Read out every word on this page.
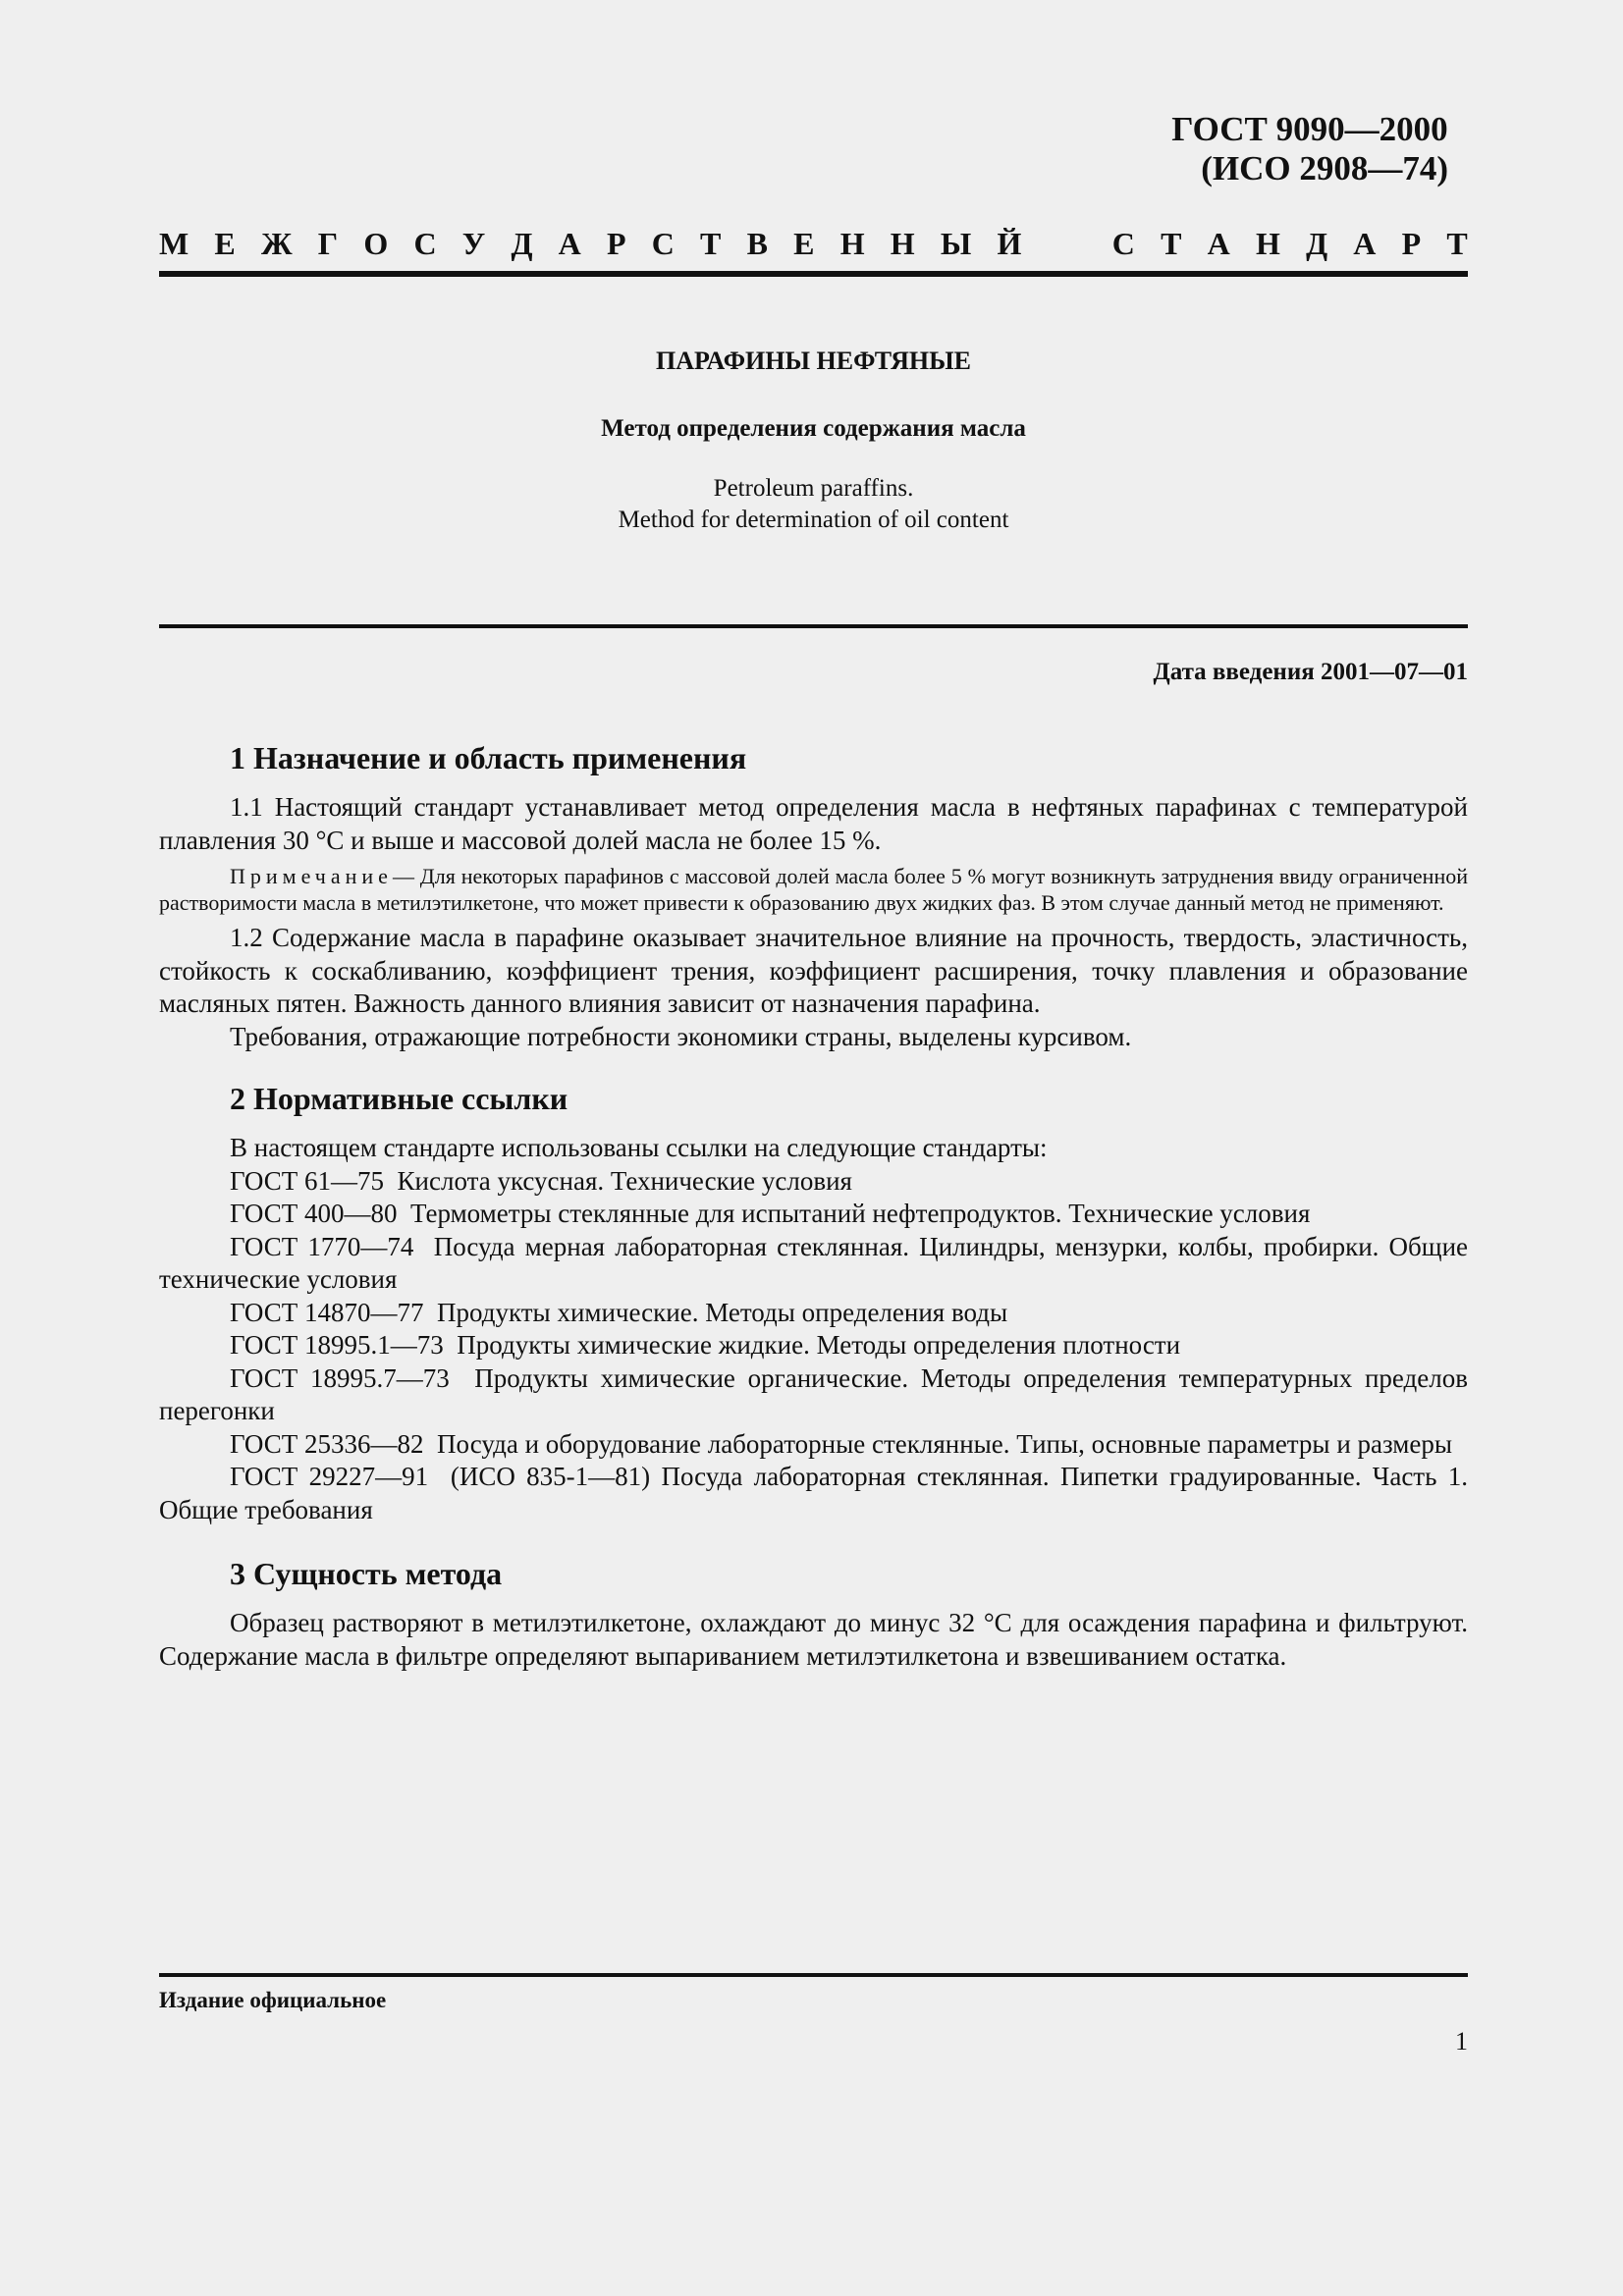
ГОСТ 9090—2000
(ИСО 2908—74)
М Е Ж Г О С У Д А Р С Т В Е Н Н Ы Й	С Т А Н Д А Р Т
ПАРАФИНЫ НЕФТЯНЫЕ
Метод определения содержания масла
Petroleum paraffins.
Method for determination of oil content
Дата введения 2001—07—01
1 Назначение и область применения

1.1 Настоящий стандарт устанавливает метод определения масла в нефтяных парафинах с температурой плавления 30 °С и выше и массовой долей масла не более 15 %.

Примечание— Для некоторых парафинов с массовой долей масла более 5 % могут возникнуть затруднения ввиду ограниченной растворимости масла в метилэтилкетоне, что может привести к образованию двух жидких фаз. В этом случае данный метод не применяют.

1.2 Содержание масла в парафине оказывает значительное влияние на прочность, твердость, эластичность, стойкость к соскабливанию, коэффициент трения, коэффициент расширения, точку плавления и образование масляных пятен. Важность данного влияния зависит от назначения парафина.

Требования, отражающие потребности экономики страны, выделены курсивом.

2 Нормативные ссылки

В настоящем стандарте использованы ссылки на следующие стандарты:

ГОСТ 61—75 Кислота уксусная. Технические условия

ГОСТ 400—80 Термометры стеклянные для испытаний нефтепродуктов. Технические условия

ГОСТ 1770—74 Посуда мерная лабораторная стеклянная. Цилиндры, мензурки, колбы, пробирки. Общие технические условия

ГОСТ 14870—77 Продукты химические. Методы определения воды

ГОСТ 18995.1—73 Продукты химические жидкие. Методы определения плотности

ГОСТ 18995.7—73 Продукты химические органические. Методы определения температурных пределов перегонки

ГОСТ 25336—82 Посуда и оборудование лабораторные стеклянные. Типы, основные параметры и размеры

ГОСТ 29227—91 (ИСО 835-1—81) Посуда лабораторная стеклянная. Пипетки градуированные. Часть 1. Общие требования

3 Сущность метода

Образец растворяют в метилэтилкетоне, охлаждают до минус 32 °С для осаждения парафина и фильтруют. Содержание масла в фильтре определяют выпариванием метилэтилкетона и взвешиванием остатка.

Издание официальное
1
